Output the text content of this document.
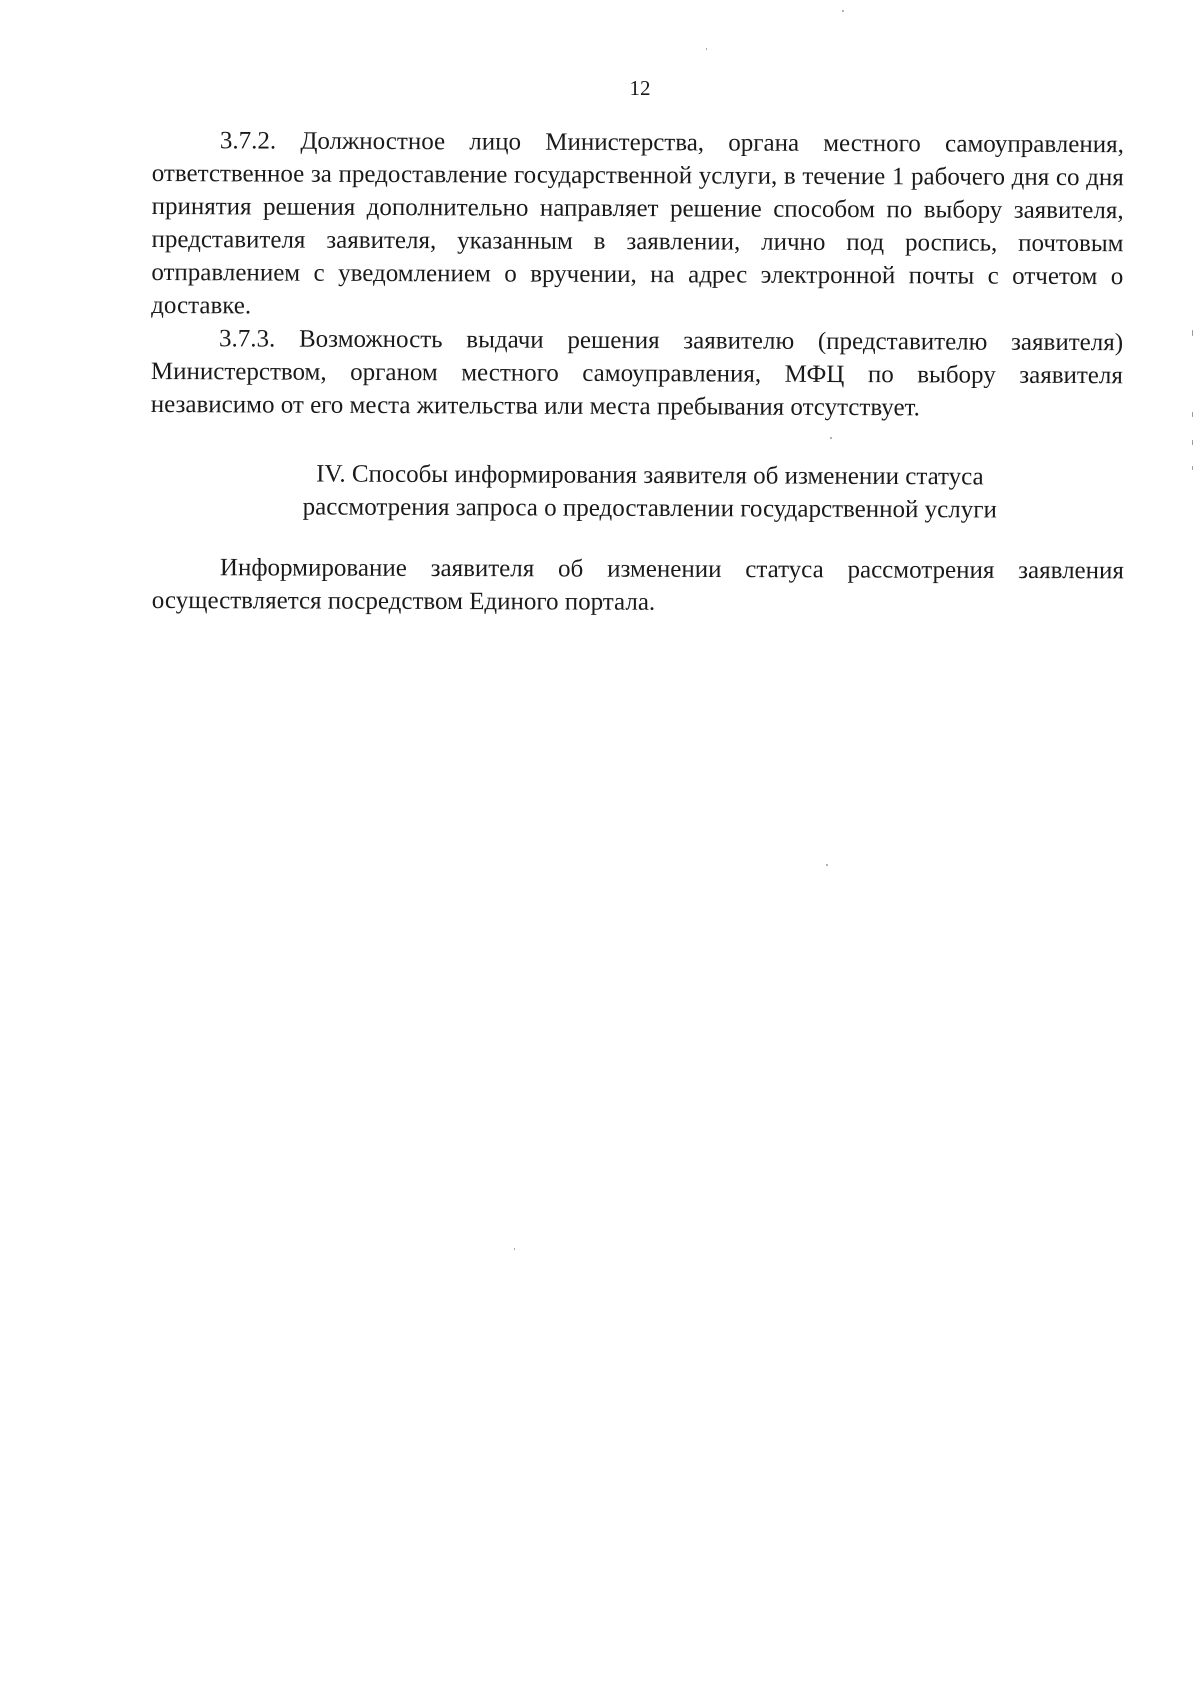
12

3.7.2. Должностное лицо Министерства, органа местного самоуправления, ответственное за предоставление государственной услуги, в течение 1 рабочего дня со дня принятия решения дополнительно направляет решение способом по выбору заявителя, представителя заявителя, указанным в заявлении, лично под роспись, почтовым отправлением с уведомлением о вручении, на адрес электронной почты с отчетом о доставке.

3.7.3. Возможность выдачи решения заявителю (представителю заявителя) Министерством, органом местного самоуправления, МФЦ по выбору заявителя независимо от его места жительства или места пребывания отсутствует.

IV. Способы информирования заявителя об изменении статуса
рассмотрения запроса о предоставлении государственной услуги

Информирование заявителя об изменении статуса рассмотрения заявления осуществляется посредством Единого портала.
